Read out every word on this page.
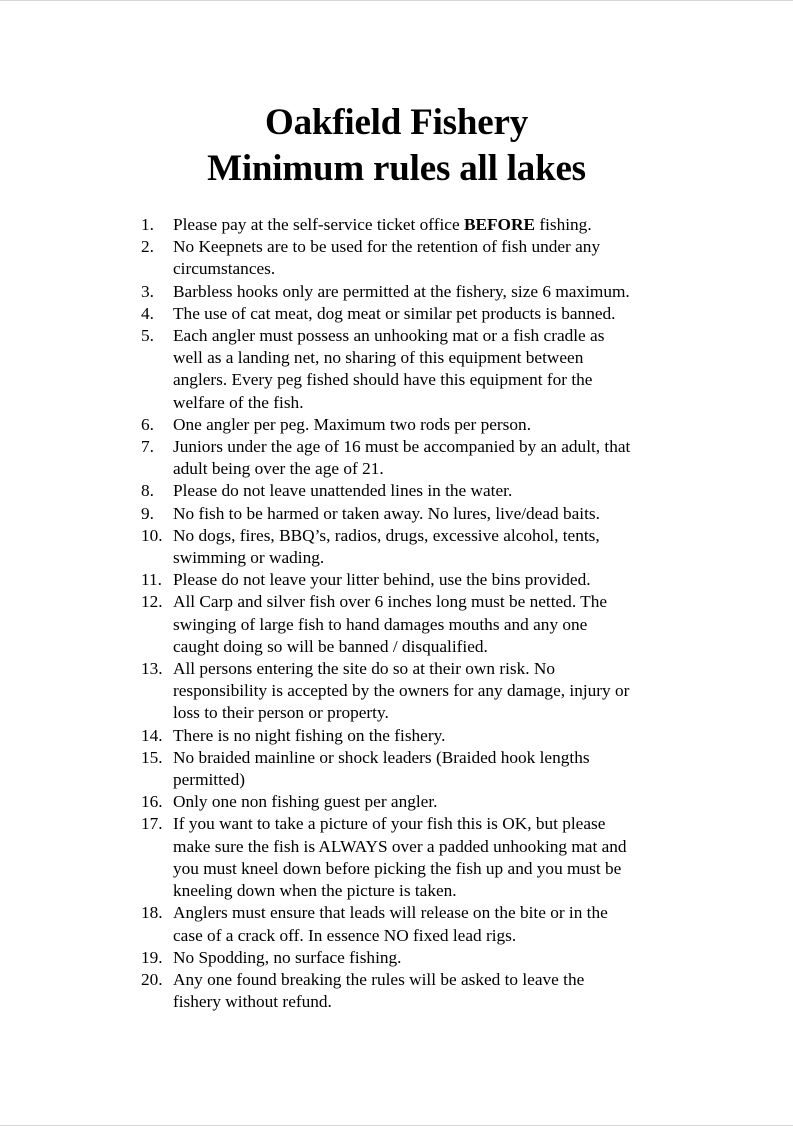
Oakfield Fishery
Minimum rules all lakes
1.	Please pay at the self-service ticket office BEFORE fishing.
2.	No Keepnets are to be used for the retention of fish under any
circumstances.
3.	Barbless hooks only are permitted at the fishery, size 6 maximum.
4.	The use of cat meat, dog meat or similar pet products is banned.
5.	Each angler must possess an unhooking mat or a fish cradle as
well as a landing net, no sharing of this equipment between
anglers. Every peg fished should have this equipment for the
welfare of the fish.
6.	One angler per peg. Maximum two rods per person.
7.	Juniors under the age of 16 must be accompanied by an adult, that
adult being over the age of 21.
8.	Please do not leave unattended lines in the water.
9.	No fish to be harmed or taken away. No lures, live/dead baits.
10. No dogs, fires, BBQ’s, radios, drugs, excessive alcohol, tents,
swimming or wading.
11. Please do not leave your litter behind, use the bins provided.
12. All Carp and silver fish over 6 inches long must be netted. The
swinging of large fish to hand damages mouths and any one
caught doing so will be banned / disqualified.
13. All persons entering the site do so at their own risk. No
responsibility is accepted by the owners for any damage, injury or
loss to their person or property.
14. There is no night fishing on the fishery.
15. No braided mainline or shock leaders (Braided hook lengths
permitted)
16. Only one non fishing guest per angler.
17. If you want to take a picture of your fish this is OK, but please
make sure the fish is ALWAYS over a padded unhooking mat and
you must kneel down before picking the fish up and you must be
kneeling down when the picture is taken.
18. Anglers must ensure that leads will release on the bite or in the
case of a crack off. In essence NO fixed lead rigs.
19. No Spodding, no surface fishing.
20. Any one found breaking the rules will be asked to leave the
fishery without refund.
